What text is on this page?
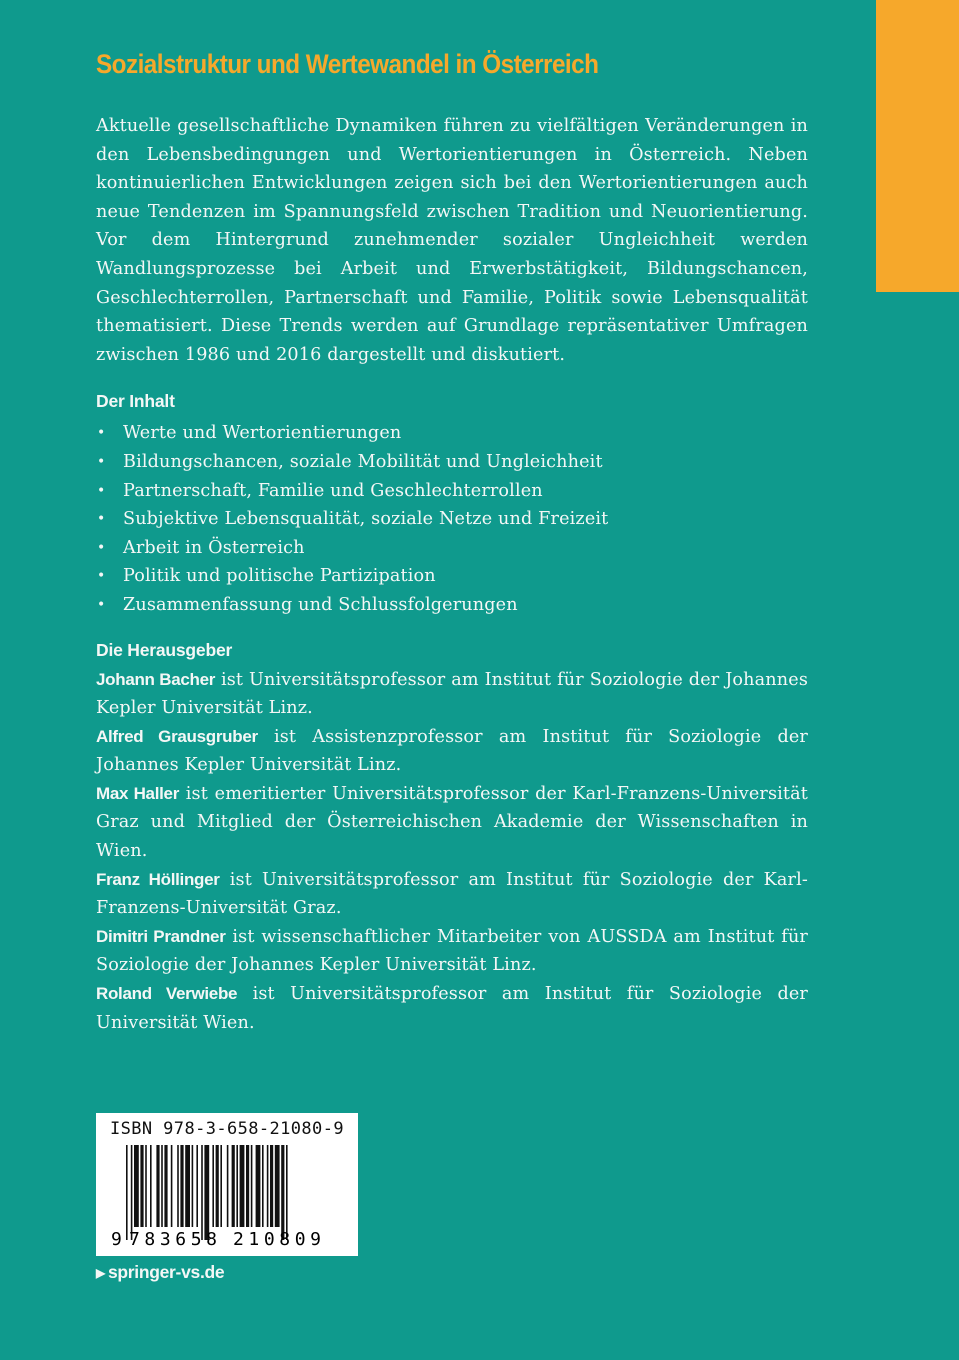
Sozialstruktur und Wertewandel in Österreich

Aktuelle gesellschaftliche Dynamiken führen zu vielfältigen Veränderungen in den Lebensbedingungen und Wertorientierungen in Österreich. Neben kontinuierlichen Entwicklungen zeigen sich bei den Wertorientierungen auch neue Tendenzen im Spannungsfeld zwischen Tradition und Neuorientierung. Vor dem Hintergrund zunehmender sozialer Ungleichheit werden Wandlungsprozesse bei Arbeit und Erwerbstätigkeit, Bildungschancen, Geschlechterrollen, Partnerschaft und Familie, Politik sowie Lebensqualität thematisiert. Diese Trends werden auf Grundlage repräsentativer Umfragen zwischen 1986 und 2016 dargestellt und diskutiert.

Der Inhalt
• Werte und Wertorientierungen
• Bildungschancen, soziale Mobilität und Ungleichheit
• Partnerschaft, Familie und Geschlechterrollen
• Subjektive Lebensqualität, soziale Netze und Freizeit
• Arbeit in Österreich
• Politik und politische Partizipation
• Zusammenfassung und Schlussfolgerungen
Die Herausgeber

Johann Bacher ist Universitätsprofessor am Institut für Soziologie der Johannes Kepler Universität Linz.

Alfred Grausgruber ist Assistenzprofessor am Institut für Soziologie der Johannes Kepler Universität Linz.

Max Haller ist emeritierter Universitätsprofessor der Karl-Franzens-Universität Graz und Mitglied der Österreichischen Akademie der Wissenschaften in Wien.

Franz Höllinger ist Universitätsprofessor am Institut für Soziologie der Karl-Franzens-Universität Graz.

Dimitri Prandner ist wissenschaftlicher Mitarbeiter von AUSSDA am Institut für Soziologie der Johannes Kepler Universität Linz.

Roland Verwiebe ist Universitätsprofessor am Institut für Soziologie der Universität Wien.

ISBN 978-3-658-21080-9
9 783658 210809
▶ springer-vs.de
